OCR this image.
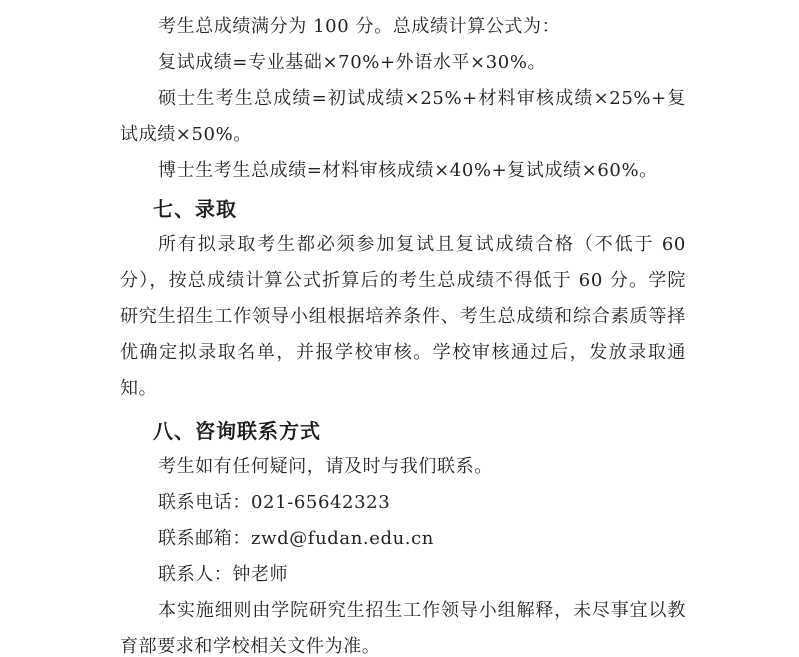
考生总成绩满分为 100 分。总成绩计算公式为：

复试成绩=专业基础×70%+外语水平×30%。

硕士生考生总成绩=初试成绩×25%+材料审核成绩×25%+复试成绩×50%。

博士生考生总成绩=材料审核成绩×40%+复试成绩×60%。

七、录取

所有拟录取考生都必须参加复试且复试成绩合格（不低于 60 分），按总成绩计算公式折算后的考生总成绩不得低于 60 分。学院研究生招生工作领导小组根据培养条件、考生总成绩和综合素质等择优确定拟录取名单，并报学校审核。学校审核通过后，发放录取通知。

八、咨询联系方式

考生如有任何疑问，请及时与我们联系。

联系电话：021-65642323

联系邮箱：zwd@fudan.edu.cn

联系人：钟老师

本实施细则由学院研究生招生工作领导小组解释，未尽事宜以教育部要求和学校相关文件为准。
